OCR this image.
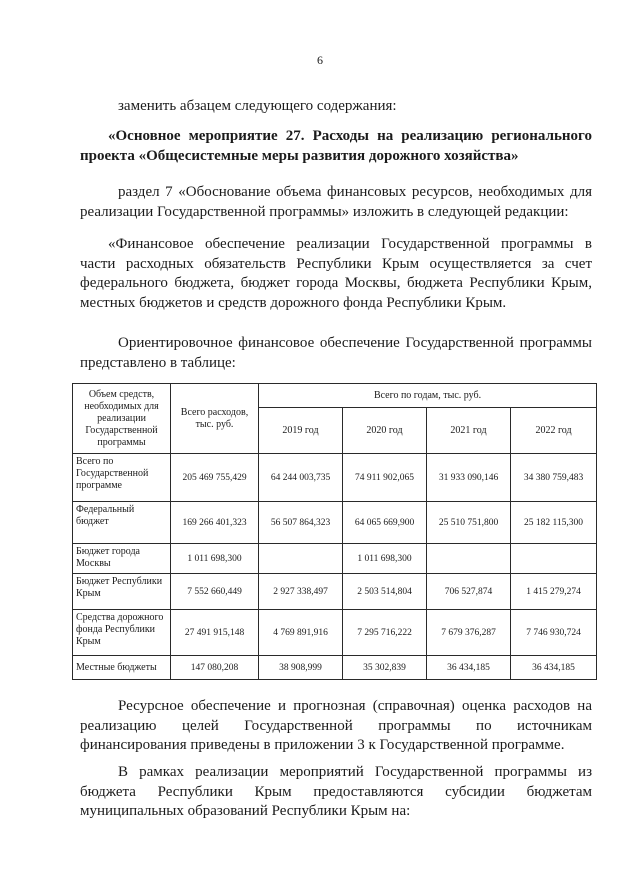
6
заменить абзацем следующего содержания:
«Основное мероприятие 27. Расходы на реализацию регионального проекта «Общесистемные меры развития дорожного хозяйства»
раздел 7 «Обоснование объема финансовых ресурсов, необходимых для реализации Государственной программы» изложить в следующей редакции:
«Финансовое обеспечение реализации Государственной программы в части расходных обязательств Республики Крым осуществляется за счет федерального бюджета, бюджет города Москвы, бюджета Республики Крым, местных бюджетов и средств дорожного фонда Республики Крым.
Ориентировочное финансовое обеспечение Государственной программы представлено в таблице:
Объем средств, необходимых для реализации Государственной программы	Всего расходов, тыс. руб.	Всего по годам, тыс. руб.			
		2019 год	2020 год	2021 год	2022 год
Всего по Государственной программе	205 469 755,429	64 244 003,735	74 911 902,065	31 933 090,146	34 380 759,483
Федеральный бюджет	169 266 401,323	56 507 864,323	64 065 669,900	25 510 751,800	25 182 115,300
Бюджет города Москвы	1 011 698,300		1 011 698,300		
Бюджет Республики Крым	7 552 660,449	2 927 338,497	2 503 514,804	706 527,874	1 415 279,274
Средства дорожного фонда Республики Крым	27 491 915,148	4 769 891,916	7 295 716,222	7 679 376,287	7 746 930,724
Местные бюджеты	147 080,208	38 908,999	35 302,839	36 434,185	36 434,185
Ресурсное обеспечение и прогнозная (справочная) оценка расходов на реализацию целей Государственной программы по источникам финансирования приведены в приложении 3 к Государственной программе.
В рамках реализации мероприятий Государственной программы из бюджета Республики Крым предоставляются субсидии бюджетам муниципальных образований Республики Крым на:
